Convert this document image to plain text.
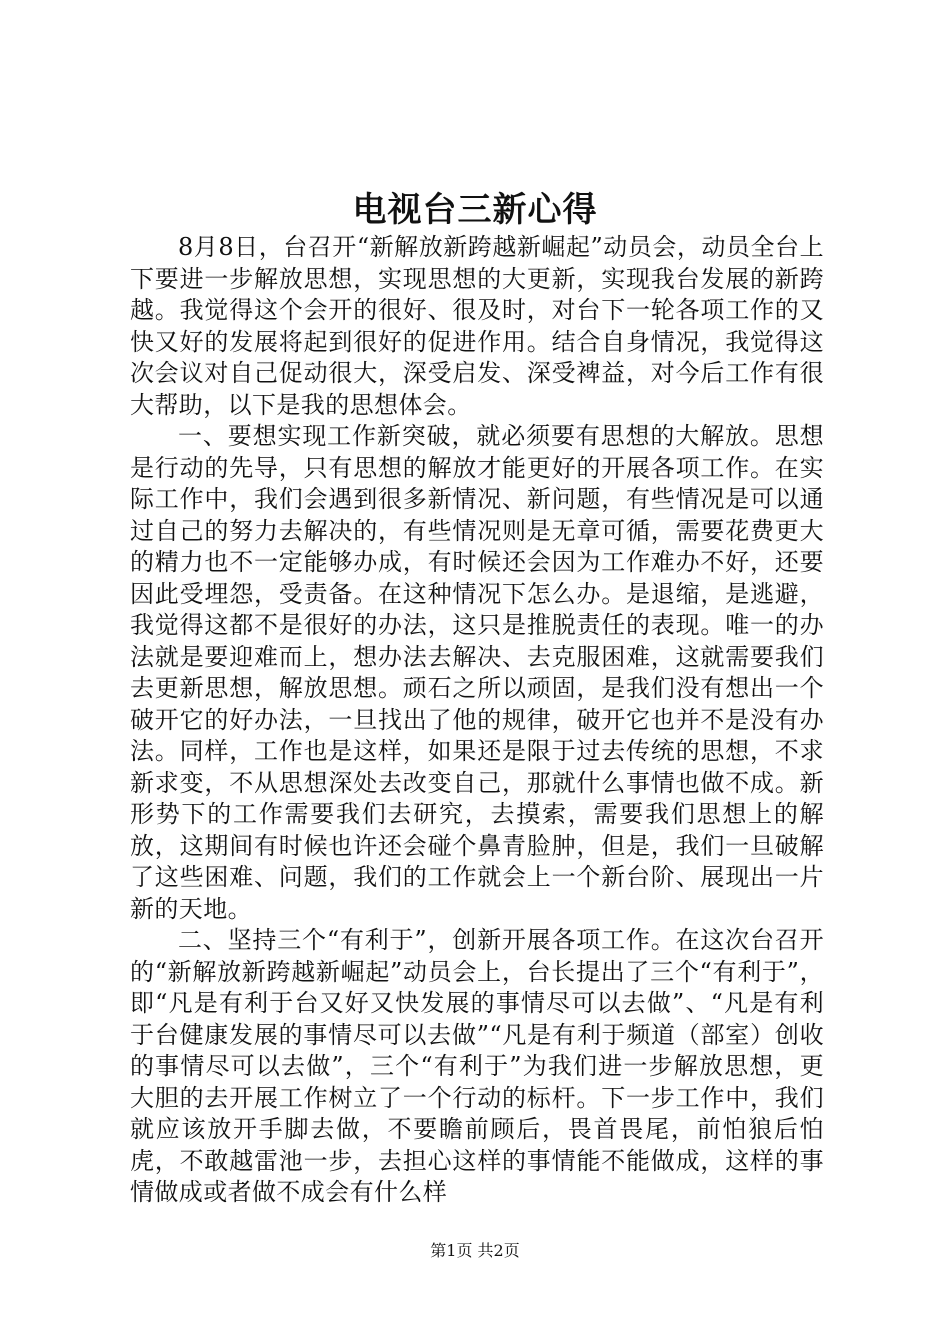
电视台三新心得

8月8日，台召开“新解放新跨越新崛起”动员会，动员全台上下要进一步解放思想，实现思想的大更新，实现我台发展的新跨越。我觉得这个会开的很好、很及时，对台下一轮各项工作的又快又好的发展将起到很好的促进作用。结合自身情况，我觉得这次会议对自己促动很大，深受启发、深受裨益，对今后工作有很大帮助，以下是我的思想体会。

一、要想实现工作新突破，就必须要有思想的大解放。思想是行动的先导，只有思想的解放才能更好的开展各项工作。在实际工作中，我们会遇到很多新情况、新问题，有些情况是可以通过自己的努力去解决的，有些情况则是无章可循，需要花费更大的精力也不一定能够办成，有时候还会因为工作难办不好，还要因此受埋怨，受责备。在这种情况下怎么办。是退缩，是逃避，我觉得这都不是很好的办法，这只是推脱责任的表现。唯一的办法就是要迎难而上，想办法去解决、去克服困难，这就需要我们去更新思想，解放思想。顽石之所以顽固，是我们没有想出一个破开它的好办法，一旦找出了他的规律，破开它也并不是没有办法。同样，工作也是这样，如果还是限于过去传统的思想，不求新求变，不从思想深处去改变自己，那就什么事情也做不成。新形势下的工作需要我们去研究，去摸索，需要我们思想上的解放，这期间有时候也许还会碰个鼻青脸肿，但是，我们一旦破解了这些困难、问题，我们的工作就会上一个新台阶、展现出一片新的天地。

二、坚持三个“有利于”，创新开展各项工作。在这次台召开的“新解放新跨越新崛起”动员会上，台长提出了三个“有利于”，即“凡是有利于台又好又快发展的事情尽可以去做”、“凡是有利于台健康发展的事情尽可以去做”“凡是有利于频道（部室）创收的事情尽可以去做”，三个“有利于”为我们进一步解放思想，更大胆的去开展工作树立了一个行动的标杆。下一步工作中，我们就应该放开手脚去做，不要瞻前顾后，畏首畏尾，前怕狼后怕虎，不敢越雷池一步，去担心这样的事情能不能做成，这样的事情做成或者做不成会有什么样

第1页 共2页
